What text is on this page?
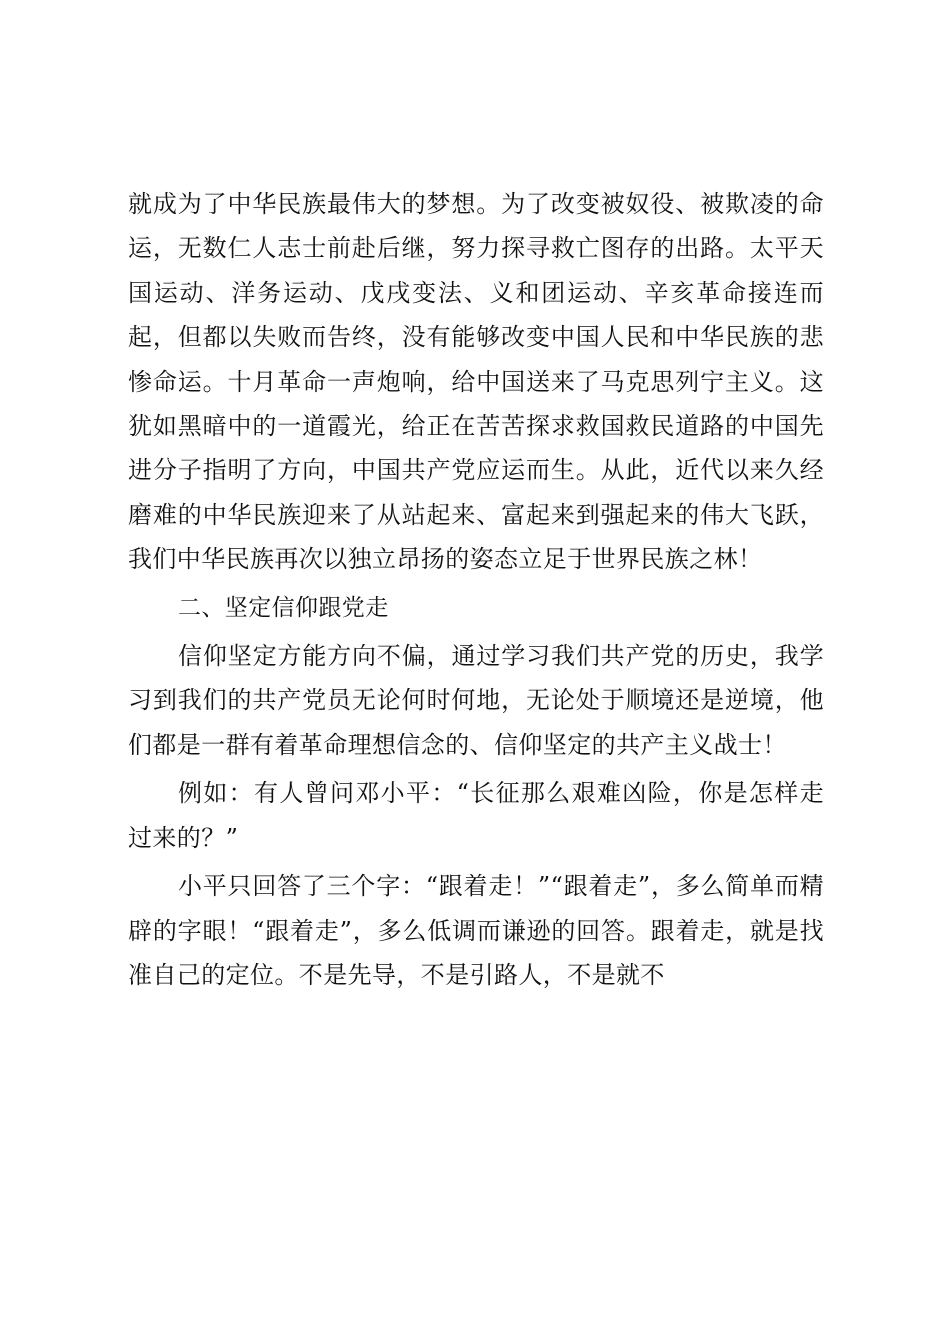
就成为了中华民族最伟大的梦想。为了改变被奴役、被欺凌的命运，无数仁人志士前赴后继，努力探寻救亡图存的出路。太平天国运动、洋务运动、戊戌变法、义和团运动、辛亥革命接连而起，但都以失败而告终，没有能够改变中国人民和中华民族的悲惨命运。十月革命一声炮响，给中国送来了马克思列宁主义。这犹如黑暗中的一道霞光，给正在苦苦探求救国救民道路的中国先进分子指明了方向，中国共产党应运而生。从此，近代以来久经磨难的中华民族迎来了从站起来、富起来到强起来的伟大飞跃，我们中华民族再次以独立昂扬的姿态立足于世界民族之林！

二、坚定信仰跟党走

信仰坚定方能方向不偏，通过学习我们共产党的历史，我学习到我们的共产党员无论何时何地，无论处于顺境还是逆境，他们都是一群有着革命理想信念的、信仰坚定的共产主义战士！

例如：有人曾问邓小平：“长征那么艰难凶险，你是怎样走过来的？”

小平只回答了三个字：“跟着走！”“跟着走”，多么简单而精辟的字眼！“跟着走”，多么低调而谦逊的回答。跟着走，就是找准自己的定位。不是先导，不是引路人，不是就不
